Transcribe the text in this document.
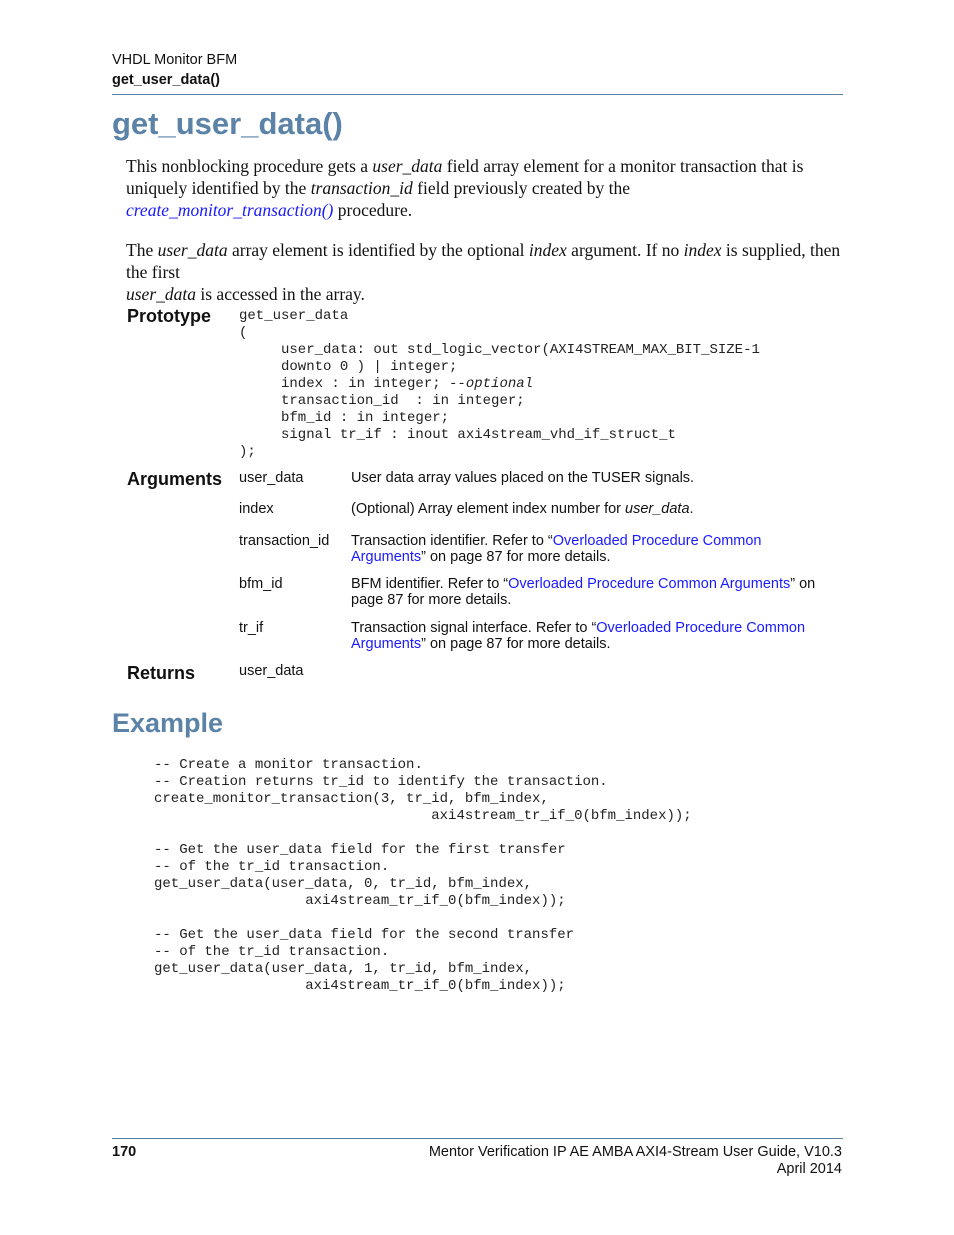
VHDL Monitor BFM
get_user_data()
get_user_data()

This nonblocking procedure gets a user_data field array element for a monitor transaction that is uniquely identified by the transaction_id field previously created by the
create_monitor_transaction() procedure.

The user_data array element is identified by the optional index argument. If no index is supplied, then the first
user_data is accessed in the array.

Prototype get_user_data
(
user_data: out std_logic_vector(AXI4STREAM_MAX_BIT_SIZE-1
downto 0 ) | integer;
index : in integer; --optional
transaction_id  : in integer;
bfm_id : in integer;
signal tr_if : inout axi4stream_vhd_if_struct_t
);
Arguments user_data	User data array values placed on the TUSER signals.
index	(Optional) Array element index number for user_data.
transaction_id Transaction identifier. Refer to “Overloaded Procedure Common Arguments” on page 87 for more details.
bfm_id	BFM identifier. Refer to “Overloaded Procedure Common Arguments” on page 87 for more details.
tr_if	Transaction signal interface. Refer to “Overloaded Procedure Common Arguments” on page 87 for more details.
Returns	user_data
Example
-- Create a monitor transaction.
-- Creation returns tr_id to identify the transaction.
create_monitor_transaction(3, tr_id, bfm_index,
axi4stream_tr_if_0(bfm_index));

-- Get the user_data field for the first transfer
-- of the tr_id transaction.
get_user_data(user_data, 0, tr_id, bfm_index,
axi4stream_tr_if_0(bfm_index));

-- Get the user_data field for the second transfer
-- of the tr_id transaction.
get_user_data(user_data, 1, tr_id, bfm_index,
axi4stream_tr_if_0(bfm_index));
170	Mentor Verification IP AE AMBA AXI4-Stream User Guide, V10.3
April 2014
